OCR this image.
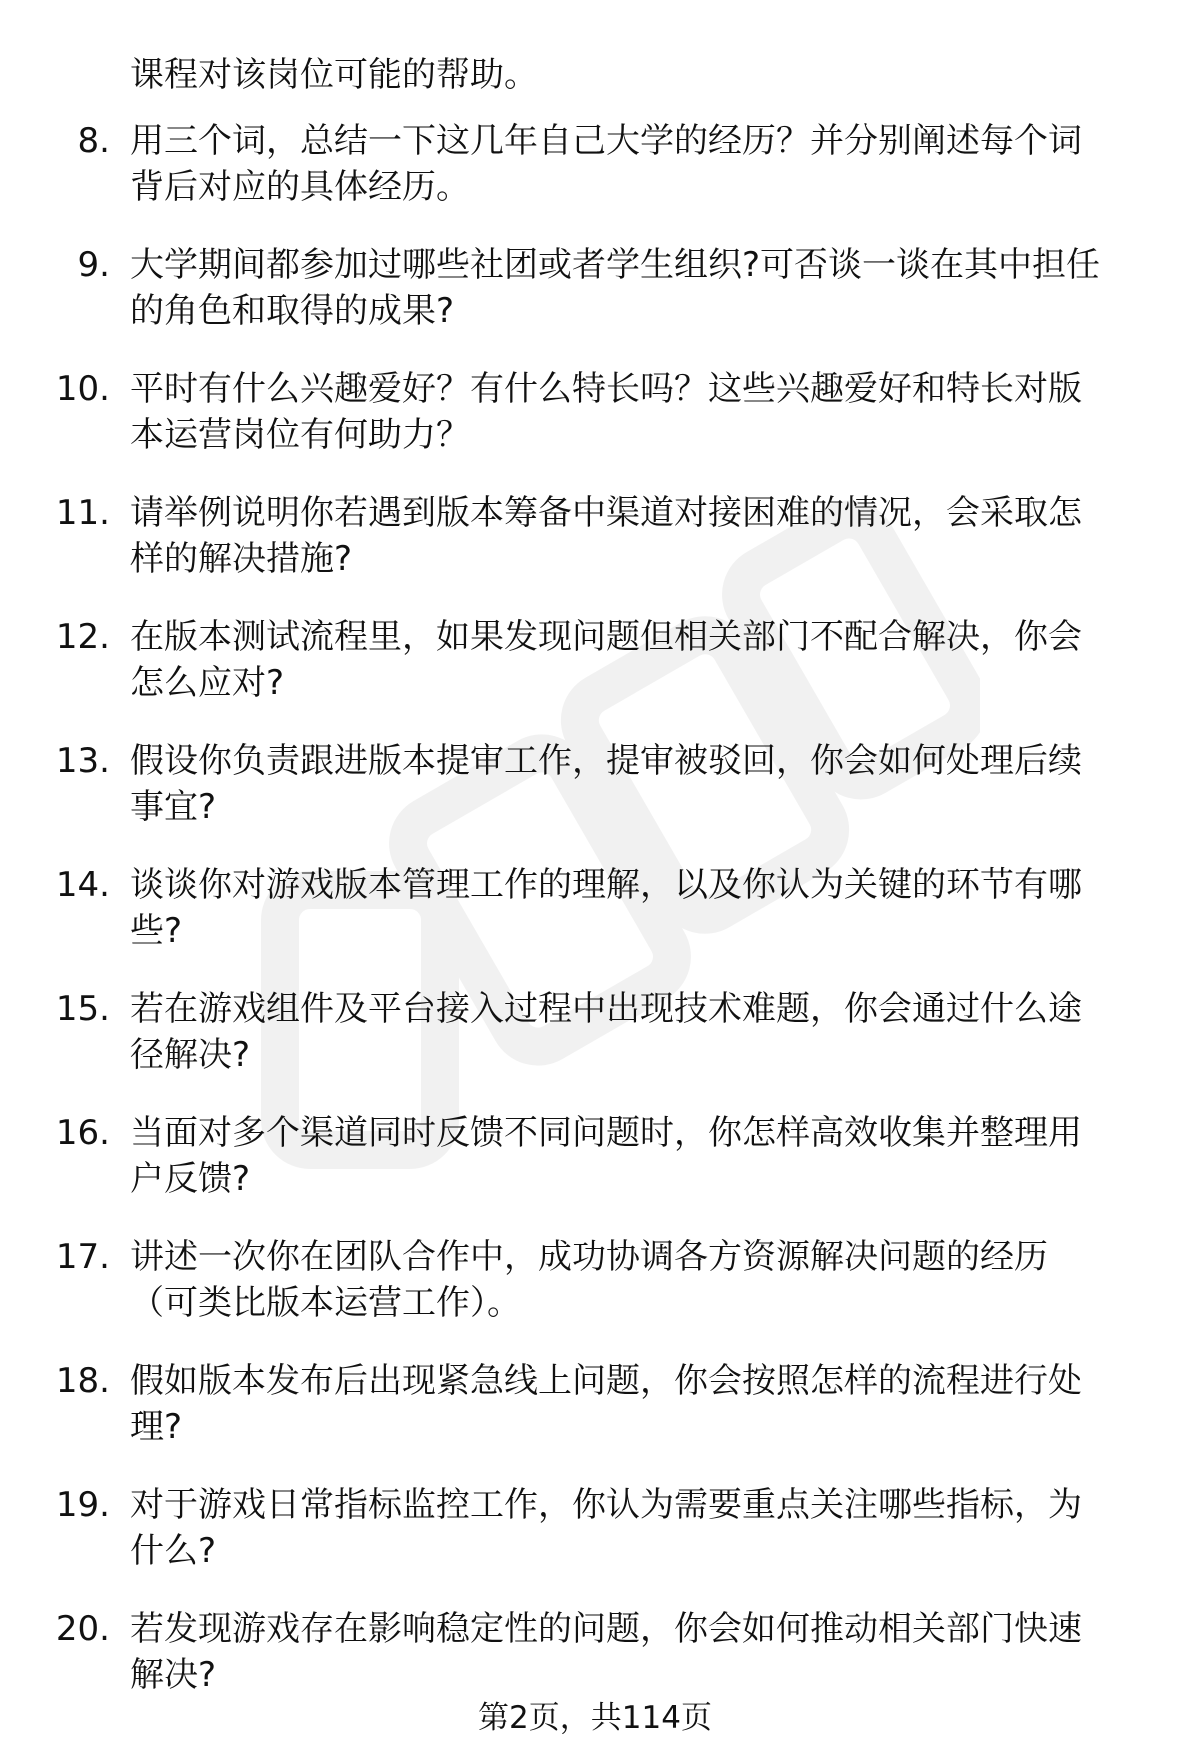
课程对该岗位可能的帮助。
8. 用三个词，总结一下这几年自己大学的经历？并分别阐述每个词
背后对应的具体经历。
9. 大学期间都参加过哪些社团或者学生组织?可否谈一谈在其中担任
的角色和取得的成果?
10. 平时有什么兴趣爱好？有什么特长吗？这些兴趣爱好和特长对版
本运营岗位有何助力？
11. 请举例说明你若遇到版本筹备中渠道对接困难的情况，会采取怎
样的解决措施?
12. 在版本测试流程里，如果发现问题但相关部门不配合解决，你会
怎么应对?
13. 假设你负责跟进版本提审工作，提审被驳回，你会如何处理后续
事宜?
14. 谈谈你对游戏版本管理工作的理解，以及你认为关键的环节有哪
些?
15. 若在游戏组件及平台接入过程中出现技术难题，你会通过什么途
径解决?
16. 当面对多个渠道同时反馈不同问题时，你怎样高效收集并整理用
户反馈?
17. 讲述一次你在团队合作中，成功协调各方资源解决问题的经历
（可类比版本运营工作）。
18. 假如版本发布后出现紧急线上问题，你会按照怎样的流程进行处
理?
19. 对于游戏日常指标监控工作，你认为需要重点关注哪些指标，为
什么?
20. 若发现游戏存在影响稳定性的问题，你会如何推动相关部门快速
解决?
第2页，共114页
